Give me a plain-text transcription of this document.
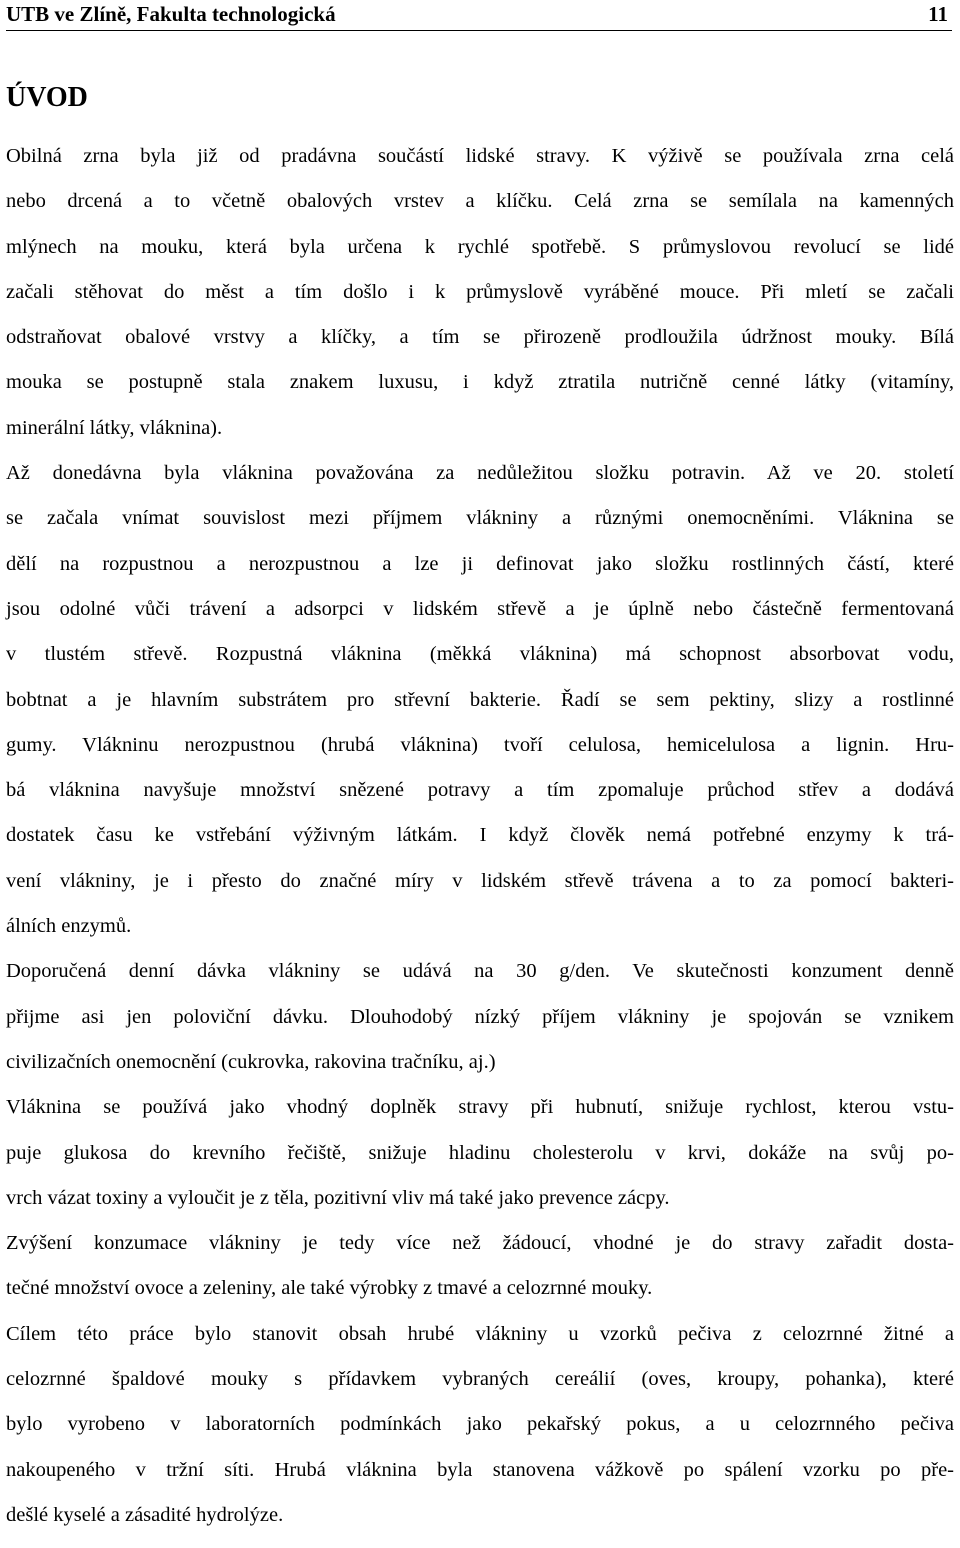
UTB ve Zlíně, Fakulta technologická	11
ÚVOD
Obilná zrna byla již od pradávna součástí lidské stravy. K výživě se používala zrna celá
nebo drcená a to včetně obalových vrstev a klíčku. Celá zrna se semílala na kamenných
mlýnech na mouku, která byla určena k rychlé spotřebě. S průmyslovou revolucí se lidé
začali stěhovat do měst a tím došlo i k průmyslově vyráběné mouce. Při mletí se začali
odstraňovat obalové vrstvy a klíčky, a tím se přirozeně prodloužila údržnost mouky. Bílá
mouka se postupně stala znakem luxusu, i když ztratila nutričně cenné látky (vitamíny,
minerální látky, vláknina).
Až donedávna byla vláknina považována za nedůležitou složku potravin. Až ve 20. století
se začala vnímat souvislost mezi příjmem vlákniny a různými onemocněními. Vláknina se
dělí na rozpustnou a nerozpustnou a lze ji definovat jako složku rostlinných částí, které
jsou odolné vůči trávení a adsorpci v lidském střevě a je úplně nebo částečně fermentovaná
v tlustém střevě. Rozpustná vláknina (měkká vláknina) má schopnost absorbovat vodu,
bobtnat a je hlavním substrátem pro střevní bakterie. Řadí se sem pektiny, slizy a rostlinné
gumy. Vlákninu nerozpustnou (hrubá vláknina) tvoří celulosa, hemicelulosa a lignin. Hru-
bá vláknina navyšuje množství snězené potravy a tím zpomaluje průchod střev a dodává
dostatek času ke vstřebání výživným látkám. I když člověk nemá potřebné enzymy k trá-
vení vlákniny, je i přesto do značné míry v lidském střevě trávena a to za pomocí bakteri-
álních enzymů.
Doporučená denní dávka vlákniny se udává na 30 g/den. Ve skutečnosti konzument denně
přijme asi jen poloviční dávku. Dlouhodobý nízký příjem vlákniny je spojován se vznikem
civilizačních onemocnění (cukrovka, rakovina tračníku, aj.)
Vláknina se používá jako vhodný doplněk stravy při hubnutí, snižuje rychlost, kterou vstu-
puje glukosa do krevního řečiště, snižuje hladinu cholesterolu v krvi, dokáže na svůj po-
vrch vázat toxiny a vyloučit je z těla, pozitivní vliv má také jako prevence zácpy.
Zvýšení konzumace vlákniny je tedy více než žádoucí, vhodné je do stravy zařadit dosta-
tečné množství ovoce a zeleniny, ale také výrobky z tmavé a celozrnné mouky.
Cílem této práce bylo stanovit obsah hrubé vlákniny u vzorků pečiva z celozrnné žitné a
celozrnné špaldové mouky s přídavkem vybraných cereálií (oves, kroupy, pohanka), které
bylo vyrobeno v laboratorních podmínkách jako pekařský pokus, a u celozrnného pečiva
nakoupeného v tržní síti. Hrubá vláknina byla stanovena vážkově po spálení vzorku po pře-
dešlé kyselé a zásadité hydrolýze.
